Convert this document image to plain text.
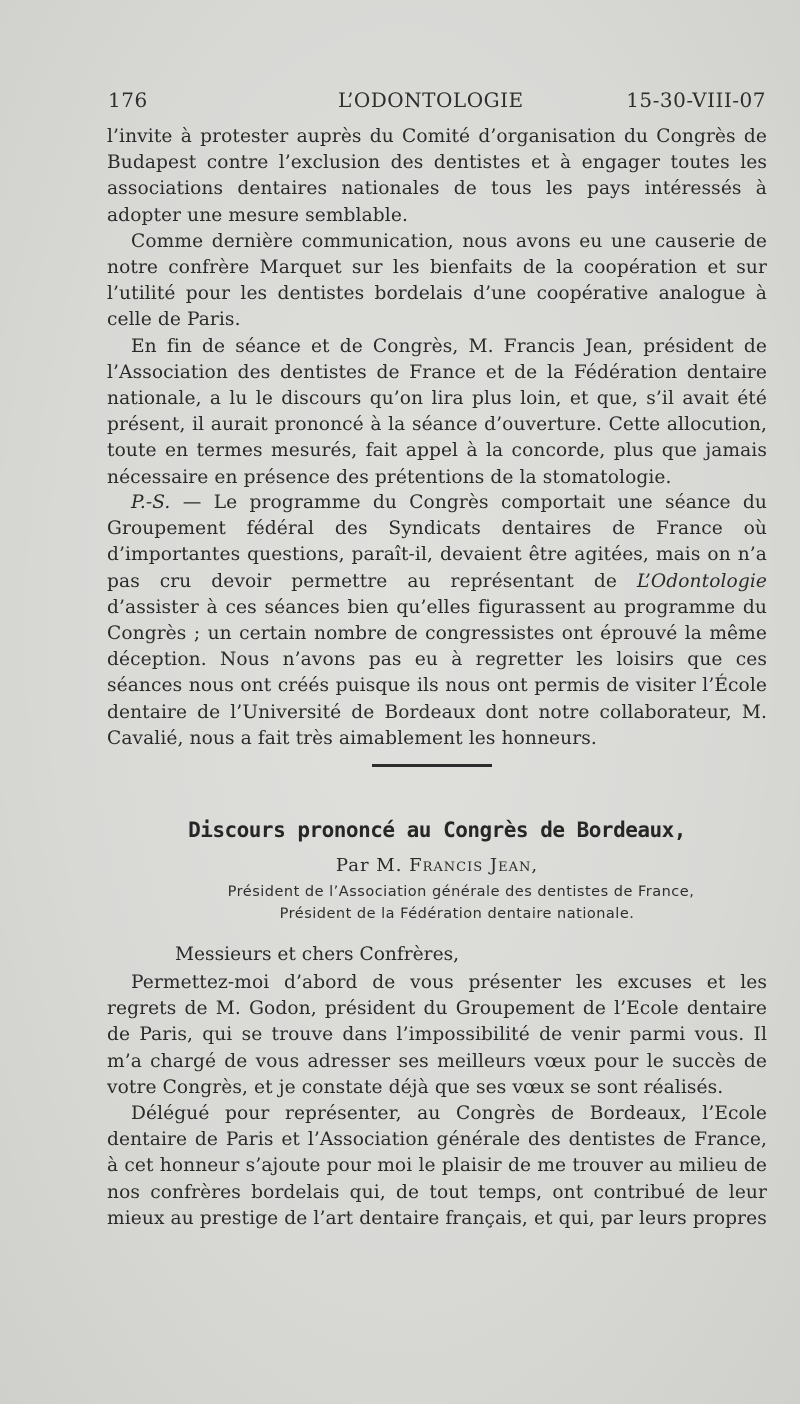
176	L’ODONTOLOGIE	15-30-VIII-07

l’invite à protester auprès du Comité d’organisation du Congrès de Budapest contre l’exclusion des dentistes et à engager toutes les associations dentaires nationales de tous les pays intéressés à adopter une mesure semblable.

Comme dernière communication, nous avons eu une causerie de notre confrère Marquet sur les bienfaits de la coopération et sur l’utilité pour les dentistes bordelais d’une coopérative analogue à celle de Paris.

En fin de séance et de Congrès, M. Francis Jean, président de l’Association des dentistes de France et de la Fédération dentaire nationale, a lu le discours qu’on lira plus loin, et que, s’il avait été présent, il aurait prononcé à la séance d’ouverture. Cette allocution, toute en termes mesurés, fait appel à la concorde, plus que jamais nécessaire en présence des prétentions de la stomatologie.

P.-S. — Le programme du Congrès comportait une séance du Groupement fédéral des Syndicats dentaires de France où d’importantes questions, paraît-il, devaient être agitées, mais on n’a pas cru devoir permettre au représentant de L’Odontologie d’assister à ces séances bien qu’elles figurassent au programme du Congrès ; un certain nombre de congressistes ont éprouvé la même déception. Nous n’avons pas eu à regretter les loisirs que ces séances nous ont créés puisque ils nous ont permis de visiter l’École dentaire de l’Université de Bordeaux dont notre collaborateur, M. Cavalié, nous a fait très aimablement les honneurs.

Discours prononcé au Congrès de Bordeaux,
Par M. Francis Jean,
Président de l’Association générale des dentistes de France,
Président de la Fédération dentaire nationale.
Messieurs et chers Confrères,

Permettez-moi d’abord de vous présenter les excuses et les regrets de M. Godon, président du Groupement de l’Ecole dentaire de Paris, qui se trouve dans l’impossibilité de venir parmi vous. Il m’a chargé de vous adresser ses meilleurs vœux pour le succès de votre Congrès, et je constate déjà que ses vœux se sont réalisés.

Délégué pour représenter, au Congrès de Bordeaux, l’Ecole dentaire de Paris et l’Association générale des dentistes de France, à cet honneur s’ajoute pour moi le plaisir de me trouver au milieu de nos confrères bordelais qui, de tout temps, ont contribué de leur mieux au prestige de l’art dentaire français, et qui, par leurs propres
